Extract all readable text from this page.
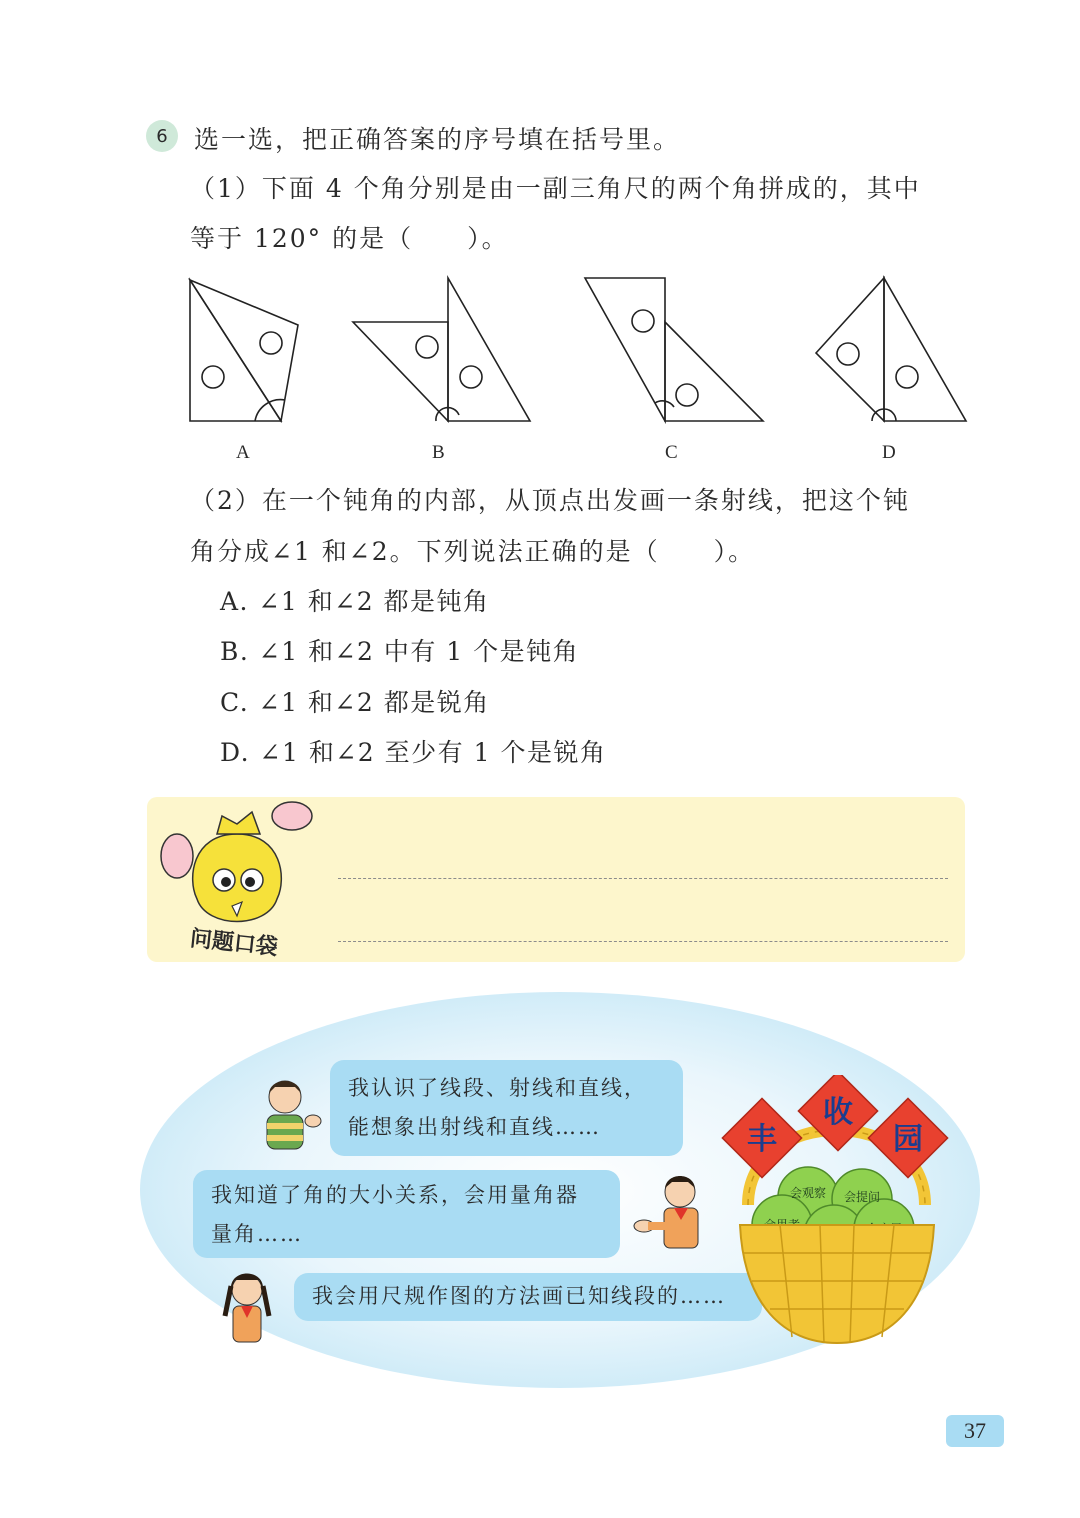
6	选一选，把正确答案的序号填在括号里。
（1）下面 4 个角分别是由一副三角尺的两个角拼成的，其中
等于 120° 的是（　　）。
A	B	C	D
（2）在一个钝角的内部，从顶点出发画一条射线，把这个钝
角分成∠1 和∠2。下列说法正确的是（　　）。
A. ∠1 和∠2 都是钝角
B. ∠1 和∠2 中有 1 个是钝角
C. ∠1 和∠2 都是锐角
D. ∠1 和∠2 至少有 1 个是锐角
问题口袋
我认识了线段、射线和直线，
能想象出射线和直线……
我知道了角的大小关系，会用量角器
量角……
我会用尺规作图的方法画已知线段的……
丰
收
园
会观察 会提问
37
